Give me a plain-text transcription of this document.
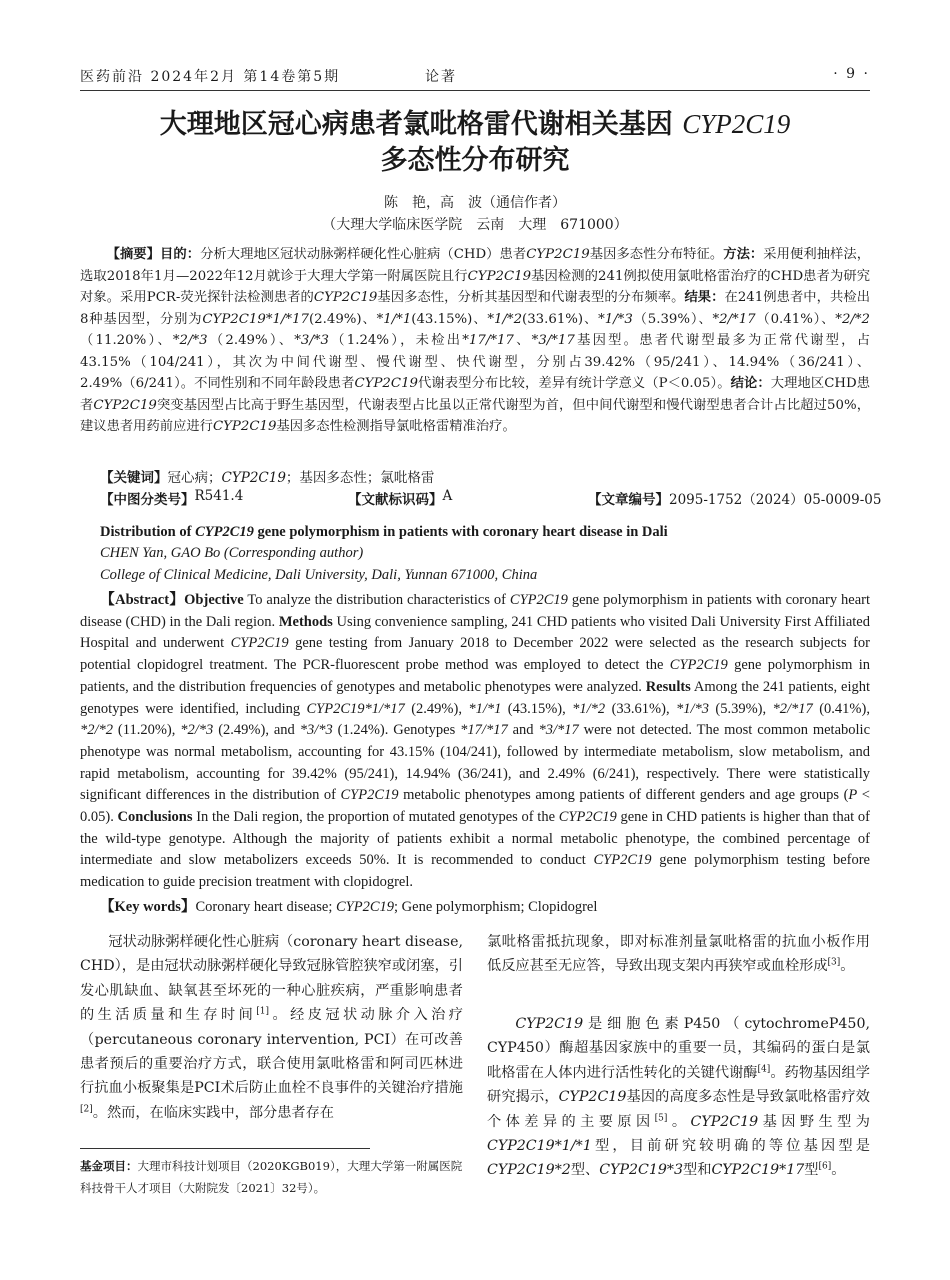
医药前沿 2024年2月 第14卷第5期	论著	· 9 ·
大理地区冠心病患者氯吡格雷代谢相关基因 CYP2C19
多态性分布研究
陈　艳，高　波（通信作者）
（大理大学临床医学院　云南　大理　671000）
【摘要】目的：分析大理地区冠状动脉粥样硬化性心脏病（CHD）患者CYP2C19基因多态性分布特征。方法：采用便利抽样法，选取2018年1月—2022年12月就诊于大理大学第一附属医院且行CYP2C19基因检测的241例拟使用氯吡格雷治疗的CHD患者为研究对象。采用PCR-荧光探针法检测患者的CYP2C19基因多态性，分析其基因型和代谢表型的分布频率。结果：在241例患者中，共检出8种基因型，分别为CYP2C19*1/*17(2.49%)、*1/*1(43.15%)、*1/*2(33.61%)、*1/*3（5.39%）、*2/*17（0.41%）、*2/*2（11.20%）、*2/*3（2.49%）、*3/*3（1.24%），未检出*17/*17、*3/*17基因型。患者代谢型最多为正常代谢型，占43.15%（104/241），其次为中间代谢型、慢代谢型、快代谢型，分别占39.42%（95/241）、14.94%（36/241）、2.49%（6/241）。不同性别和不同年龄段患者CYP2C19代谢表型分布比较，差异有统计学意义（P＜0.05）。结论：大理地区CHD患者CYP2C19突变基因型占比高于野生基因型，代谢表型占比虽以正常代谢型为首，但中间代谢型和慢代谢型患者合计占比超过50%，建议患者用药前应进行CYP2C19基因多态性检测指导氯吡格雷精准治疗。
【关键词】冠心病；CYP2C19；基因多态性；氯吡格雷
【中图分类号】 R541.4	【文献标识码】 A	【文章编号】 2095-1752（2024）05-0009-05
Distribution of CYP2C19 gene polymorphism in patients with coronary heart disease in Dali
CHEN Yan, GAO Bo (Corresponding author)
College of Clinical Medicine, Dali University, Dali, Yunnan 671000, China
【Abstract】Objective To analyze the distribution characteristics of CYP2C19 gene polymorphism in patients with coronary heart disease (CHD) in the Dali region. Methods Using convenience sampling, 241 CHD patients who visited Dali University First Affiliated Hospital and underwent CYP2C19 gene testing from January 2018 to December 2022 were selected as the research subjects for potential clopidogrel treatment. The PCR-fluorescent probe method was employed to detect the CYP2C19 gene polymorphism in patients, and the distribution frequencies of genotypes and metabolic phenotypes were analyzed. Results Among the 241 patients, eight genotypes were identified, including CYP2C19*1/*17 (2.49%), *1/*1 (43.15%), *1/*2 (33.61%), *1/*3 (5.39%), *2/*17 (0.41%), *2/*2 (11.20%), *2/*3 (2.49%), and *3/*3 (1.24%). Genotypes *17/*17 and *3/*17 were not detected. The most common metabolic phenotype was normal metabolism, accounting for 43.15% (104/241), followed by intermediate metabolism, slow metabolism, and rapid metabolism, accounting for 39.42% (95/241), 14.94% (36/241), and 2.49% (6/241), respectively. There were statistically significant differences in the distribution of CYP2C19 metabolic phenotypes among patients of different genders and age groups (P < 0.05). Conclusions In the Dali region, the proportion of mutated genotypes of the CYP2C19 gene in CHD patients is higher than that of the wild-type genotype. Although the majority of patients exhibit a normal metabolic phenotype, the combined percentage of intermediate and slow metabolizers exceeds 50%. It is recommended to conduct CYP2C19 gene polymorphism testing before medication to guide precision treatment with clopidogrel.
【Key words】Coronary heart disease; CYP2C19; Gene polymorphism; Clopidogrel
冠状动脉粥样硬化性心脏病（coronary heart disease, CHD），是由冠状动脉粥样硬化导致冠脉管腔狭窄或闭塞，引发心肌缺血、缺氧甚至坏死的一种心脏疾病，严重影响患者的生活质量和生存时间[1]。经皮冠状动脉介入治疗（percutaneous coronary intervention, PCI）在可改善患者预后的重要治疗方式，联合使用氯吡格雷和阿司匹林进行抗血小板聚集是PCI术后防止血栓不良事件的关键治疗措施[2]。然而，在临床实践中，部分患者存在
氯吡格雷抵抗现象，即对标准剂量氯吡格雷的抗血小板作用低反应甚至无应答，导致出现支架内再狭窄或血栓形成[3]。
CYP2C19是细胞色素P450（cytochromeP450, CYP450）酶超基因家族中的重要一员，其编码的蛋白是氯吡格雷在人体内进行活性转化的关键代谢酶[4]。药物基因组学研究揭示，CYP2C19基因的高度多态性是导致氯吡格雷疗效个体差异的主要原因[5]。CYP2C19基因野生型为CYP2C19*1/*1型，目前研究较明确的等位基因型是CYP2C19*2型、CYP2C19*3型和CYP2C19*17型[6]。
基金项目：大理市科技计划项目（2020KGB019），大理大学第一附属医院科技骨干人才项目（大附院发〔2021〕32号）。
